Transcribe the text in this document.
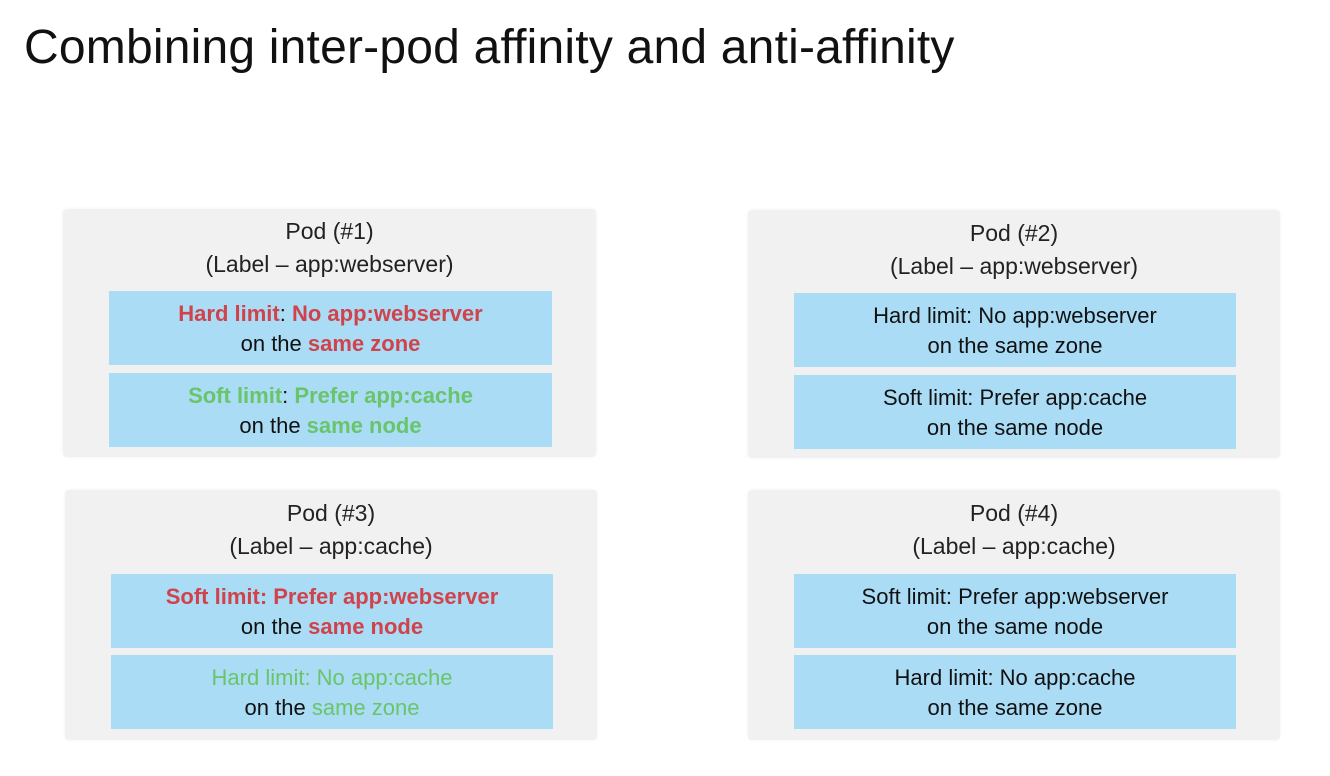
Combining inter-pod affinity and anti-affinity
Pod (#1)
(Label – app:webserver)
Hard limit: No app:webserver
on the same zone
Soft limit: Prefer app:cache
on the same node
Pod (#2)
(Label – app:webserver)
Hard limit: No app:webserver
on the same zone
Soft limit: Prefer app:cache
on the same node
Pod (#3)
(Label – app:cache)
Soft limit: Prefer app:webserver
on the same node
Hard limit: No app:cache
on the same zone
Pod (#4)
(Label – app:cache)
Soft limit: Prefer app:webserver
on the same node
Hard limit: No app:cache
on the same zone
